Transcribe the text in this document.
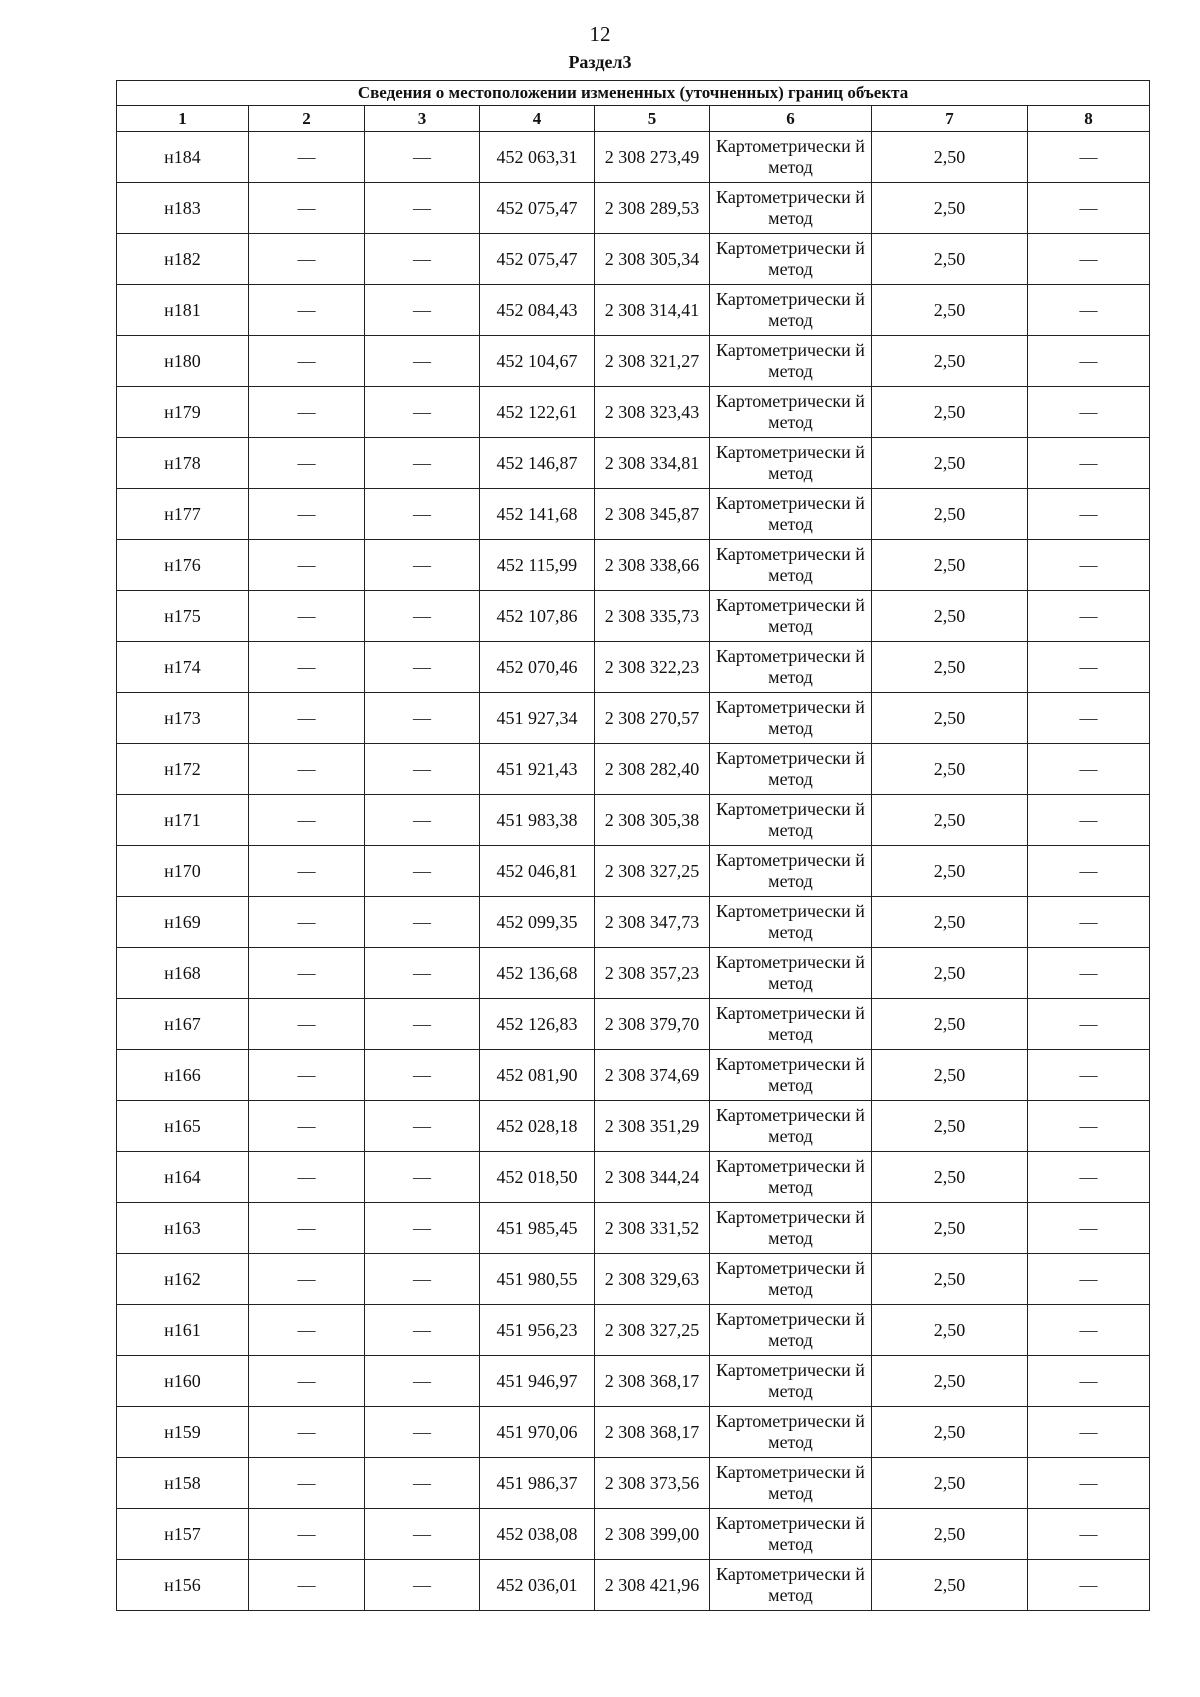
12
Раздел3
Сведения о местоположении измененных (уточненных) границ объекта							
1	2	3	4	5	6	7	8
н184	—	—	452 063,31	2 308 273,49	Картометрически й метод	2,50	—
н183	—	—	452 075,47	2 308 289,53	Картометрически й метод	2,50	—
н182	—	—	452 075,47	2 308 305,34	Картометрически й метод	2,50	—
н181	—	—	452 084,43	2 308 314,41	Картометрически й метод	2,50	—
н180	—	—	452 104,67	2 308 321,27	Картометрически й метод	2,50	—
н179	—	—	452 122,61	2 308 323,43	Картометрически й метод	2,50	—
н178	—	—	452 146,87	2 308 334,81	Картометрически й метод	2,50	—
н177	—	—	452 141,68	2 308 345,87	Картометрически й метод	2,50	—
н176	—	—	452 115,99	2 308 338,66	Картометрически й метод	2,50	—
н175	—	—	452 107,86	2 308 335,73	Картометрически й метод	2,50	—
н174	—	—	452 070,46	2 308 322,23	Картометрически й метод	2,50	—
н173	—	—	451 927,34	2 308 270,57	Картометрически й метод	2,50	—
н172	—	—	451 921,43	2 308 282,40	Картометрически й метод	2,50	—
н171	—	—	451 983,38	2 308 305,38	Картометрически й метод	2,50	—
н170	—	—	452 046,81	2 308 327,25	Картометрически й метод	2,50	—
н169	—	—	452 099,35	2 308 347,73	Картометрически й метод	2,50	—
н168	—	—	452 136,68	2 308 357,23	Картометрически й метод	2,50	—
н167	—	—	452 126,83	2 308 379,70	Картометрически й метод	2,50	—
н166	—	—	452 081,90	2 308 374,69	Картометрически й метод	2,50	—
н165	—	—	452 028,18	2 308 351,29	Картометрически й метод	2,50	—
н164	—	—	452 018,50	2 308 344,24	Картометрически й метод	2,50	—
н163	—	—	451 985,45	2 308 331,52	Картометрически й метод	2,50	—
н162	—	—	451 980,55	2 308 329,63	Картометрически й метод	2,50	—
н161	—	—	451 956,23	2 308 327,25	Картометрически й метод	2,50	—
н160	—	—	451 946,97	2 308 368,17	Картометрически й метод	2,50	—
н159	—	—	451 970,06	2 308 368,17	Картометрически й метод	2,50	—
н158	—	—	451 986,37	2 308 373,56	Картометрически й метод	2,50	—
н157	—	—	452 038,08	2 308 399,00	Картометрически й метод	2,50	—
н156	—	—	452 036,01	2 308 421,96	Картометрически й метод	2,50	—
